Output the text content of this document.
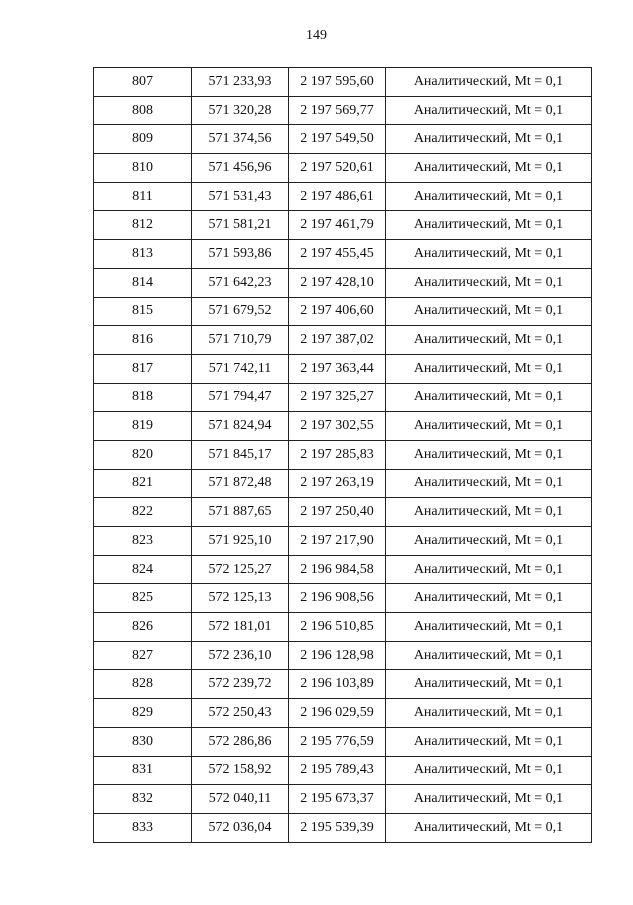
149
807	571 233,93	2 197 595,60	Аналитический, Mt = 0,1
808	571 320,28	2 197 569,77	Аналитический, Mt = 0,1
809	571 374,56	2 197 549,50	Аналитический, Mt = 0,1
810	571 456,96	2 197 520,61	Аналитический, Mt = 0,1
811	571 531,43	2 197 486,61	Аналитический, Mt = 0,1
812	571 581,21	2 197 461,79	Аналитический, Mt = 0,1
813	571 593,86	2 197 455,45	Аналитический, Mt = 0,1
814	571 642,23	2 197 428,10	Аналитический, Mt = 0,1
815	571 679,52	2 197 406,60	Аналитический, Mt = 0,1
816	571 710,79	2 197 387,02	Аналитический, Mt = 0,1
817	571 742,11	2 197 363,44	Аналитический, Mt = 0,1
818	571 794,47	2 197 325,27	Аналитический, Mt = 0,1
819	571 824,94	2 197 302,55	Аналитический, Mt = 0,1
820	571 845,17	2 197 285,83	Аналитический, Mt = 0,1
821	571 872,48	2 197 263,19	Аналитический, Mt = 0,1
822	571 887,65	2 197 250,40	Аналитический, Mt = 0,1
823	571 925,10	2 197 217,90	Аналитический, Mt = 0,1
824	572 125,27	2 196 984,58	Аналитический, Mt = 0,1
825	572 125,13	2 196 908,56	Аналитический, Mt = 0,1
826	572 181,01	2 196 510,85	Аналитический, Mt = 0,1
827	572 236,10	2 196 128,98	Аналитический, Mt = 0,1
828	572 239,72	2 196 103,89	Аналитический, Mt = 0,1
829	572 250,43	2 196 029,59	Аналитический, Mt = 0,1
830	572 286,86	2 195 776,59	Аналитический, Mt = 0,1
831	572 158,92	2 195 789,43	Аналитический, Mt = 0,1
832	572 040,11	2 195 673,37	Аналитический, Mt = 0,1
833	572 036,04	2 195 539,39	Аналитический, Mt = 0,1
